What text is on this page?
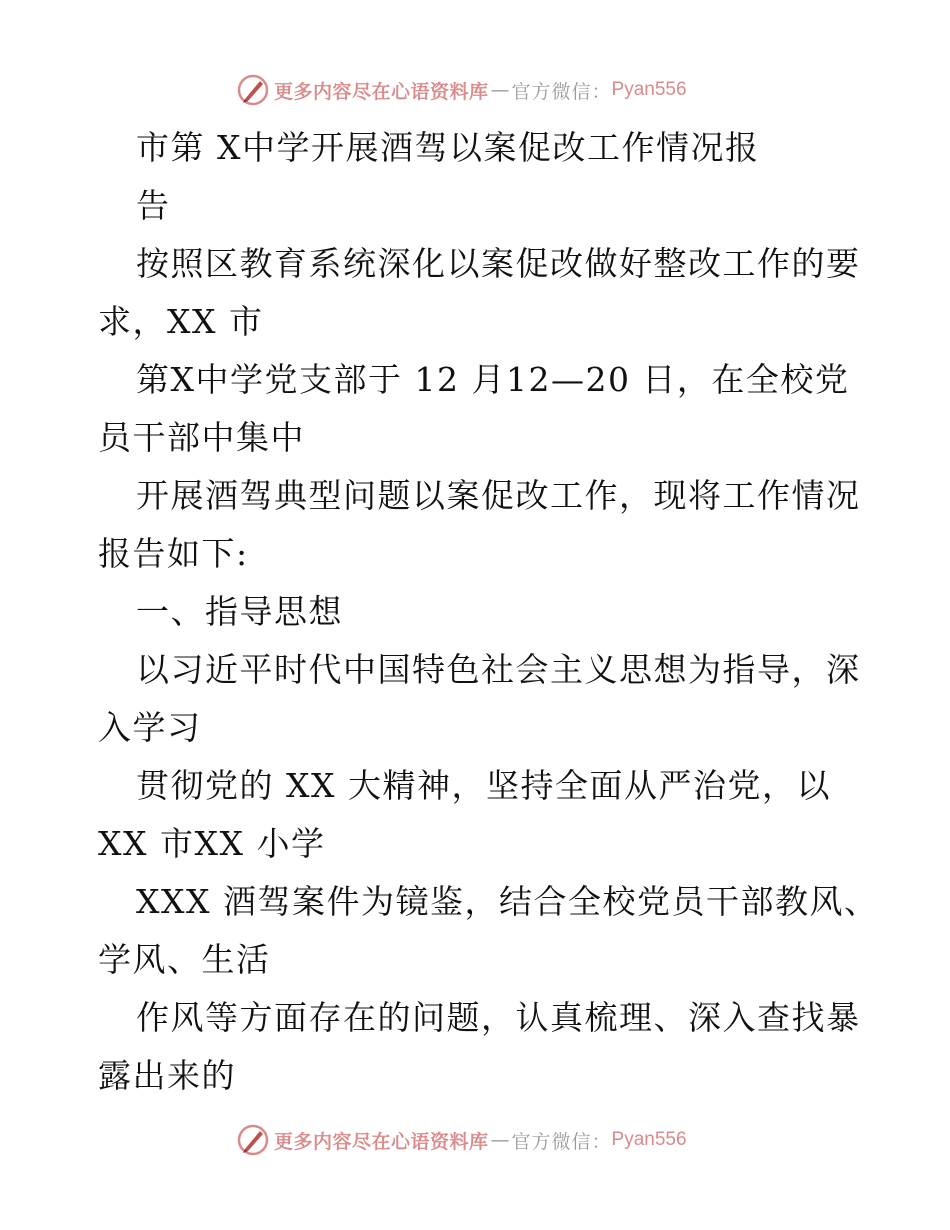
更多内容尽在心语资料库 — 官方微信： Pyan556
市第 X中学开展酒驾以案促改工作情况报
告
按照区教育系统深化以案促改做好整改工作的要
求，XX 市
第X中学党支部于 12 月12—20 日，在全校党
员干部中集中
开展酒驾典型问题以案促改工作，现将工作情况
报告如下:
一、指导思想
以习近平时代中国特色社会主义思想为指导，深
入学习
贯彻党的 XX 大精神，坚持全面从严治党，以
XX 市XX 小学
XXX 酒驾案件为镜鉴，结合全校党员干部教风、
学风、生活
作风等方面存在的问题，认真梳理、深入查找暴
露出来的
更多内容尽在心语资料库 — 官方微信： Pyan556
